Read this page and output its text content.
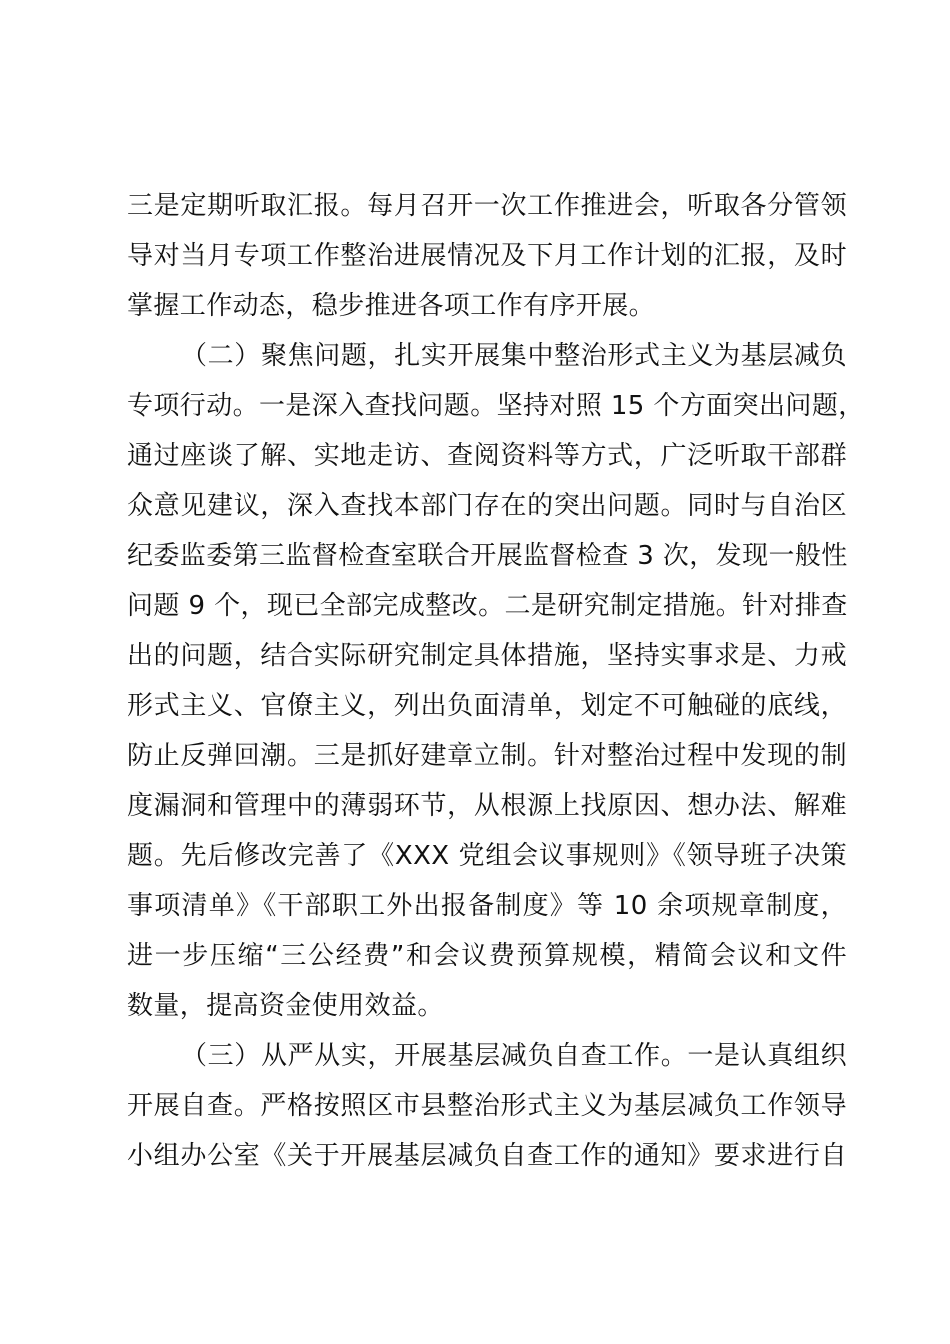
三是定期听取汇报。每月召开一次工作推进会，听取各分管领
导对当月专项工作整治进展情况及下月工作计划的汇报，及时
掌握工作动态，稳步推进各项工作有序开展。
（二）聚焦问题，扎实开展集中整治形式主义为基层减负
专项行动。一是深入查找问题。坚持对照 15 个方面突出问题，
通过座谈了解、实地走访、查阅资料等方式，广泛听取干部群
众意见建议，深入查找本部门存在的突出问题。同时与自治区
纪委监委第三监督检查室联合开展监督检查 3 次，发现一般性
问题 9 个，现已全部完成整改。二是研究制定措施。针对排查
出的问题，结合实际研究制定具体措施，坚持实事求是、力戒
形式主义、官僚主义，列出负面清单，划定不可触碰的底线，
防止反弹回潮。三是抓好建章立制。针对整治过程中发现的制
度漏洞和管理中的薄弱环节，从根源上找原因、想办法、解难
题。先后修改完善了《XXX 党组会议事规则》《领导班子决策
事项清单》《干部职工外出报备制度》等 10 余项规章制度，
进一步压缩“三公经费”和会议费预算规模，精简会议和文件
数量，提高资金使用效益。
（三）从严从实，开展基层减负自查工作。一是认真组织
开展自查。严格按照区市县整治形式主义为基层减负工作领导
小组办公室《关于开展基层减负自查工作的通知》要求进行自
